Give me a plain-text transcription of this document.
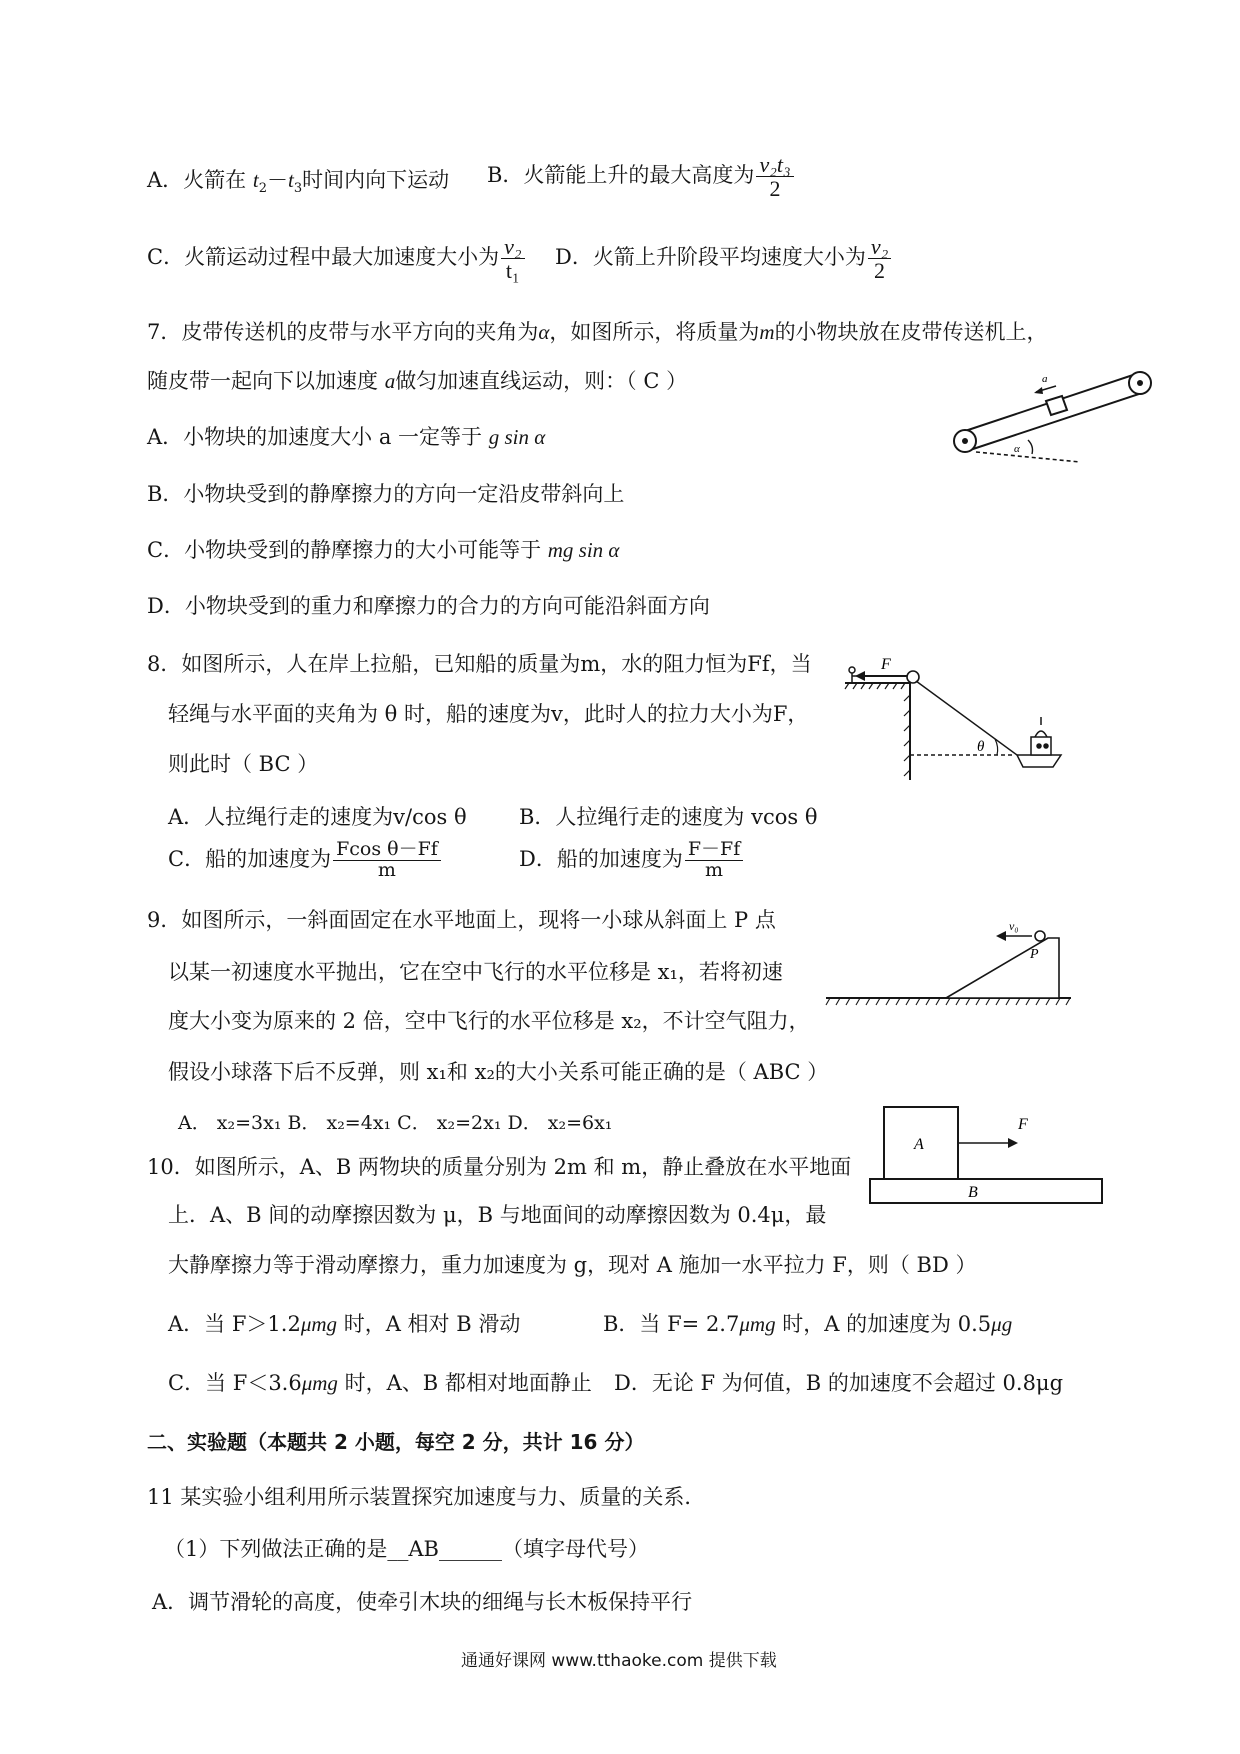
A．火箭在 $t_2-t_3$时间内向下运动 B．火箭能上升的最大高度为 $\frac{\text{v₂t₃}}{2}$
C．火箭运动过程中最大加速度大小为 $\frac{\text{v₂}}{\text{t₁}}$ D．火箭上升阶段平均速度大小为 $\frac{\text{v₂}}{2}$
7．皮带传送机的皮带与水平方向的夹角为α，如图所示，将质量为m的小物块放在皮带传送机上，
随皮带一起向下以加速度 a做匀加速直线运动，则：（ C ）
A．小物块的加速度大小 a 一定等于 g sin α
B．小物块受到的静摩擦力的方向一定沿皮带斜向上
C．小物块受到的静摩擦力的大小可能等于 mg sin α
D．小物块受到的重力和摩擦力的合力的方向可能沿斜面方向
a
α
8．如图所示，人在岸上拉船，已知船的质量为m，水的阻力恒为Ff，当
轻绳与水平面的夹角为 θ 时，船的速度为v，此时人的拉力大小为F，
则此时（ BC ）
A．人拉绳行走的速度为v/cos θ B．人拉绳行走的速度为 vcos θ
C．船的加速度为 $\frac{\text{Fcos θ－Ff}}{m}$	D．船的加速度为 $\frac{F-Ff}{m}$
F
θ
9．如图所示，一斜面固定在水平地面上，现将一小球从斜面上 P 点
以某一初速度水平抛出，它在空中飞行的水平位移是 x₁，若将初速
度大小变为原来的 2 倍，空中飞行的水平位移是 x₂，不计空气阻力，
假设小球落下后不反弹，则 x₁和 x₂的大小关系可能正确的是（ ABC ）
A． x₂=3x₁ B． x₂=4x₁ C． x₂=2x₁ D． x₂=6x₁
v₀
P
10．如图所示，A、B 两物块的质量分别为 2m 和 m，静止叠放在水平地面
上．A、B 间的动摩擦因数为 μ，B 与地面间的动摩擦因数为 0.4μ，最
大静摩擦力等于滑动摩擦力，重力加速度为 g，现对 A 施加一水平拉力 F，则（ BD ）
A．当 F＞1.2μmg 时，A 相对 B 滑动	B．当 F= 2.7μmg 时，A 的加速度为 0.5μg
C．当 F＜3.6μmg 时，A、B 都相对地面静止 D．无论 F 为何值，B 的加速度不会超过 0.8μg
A
B
F
二、实验题（本题共 2 小题，每空 2 分，共计 16 分）
11 某实验小组利用所示装置探究加速度与力、质量的关系．
（1）下列做法正确的是__AB______（填字母代号）
A．调节滑轮的高度，使牵引木块的细绳与长木板保持平行
通通好课网 www.tthaoke.com 提供下载
